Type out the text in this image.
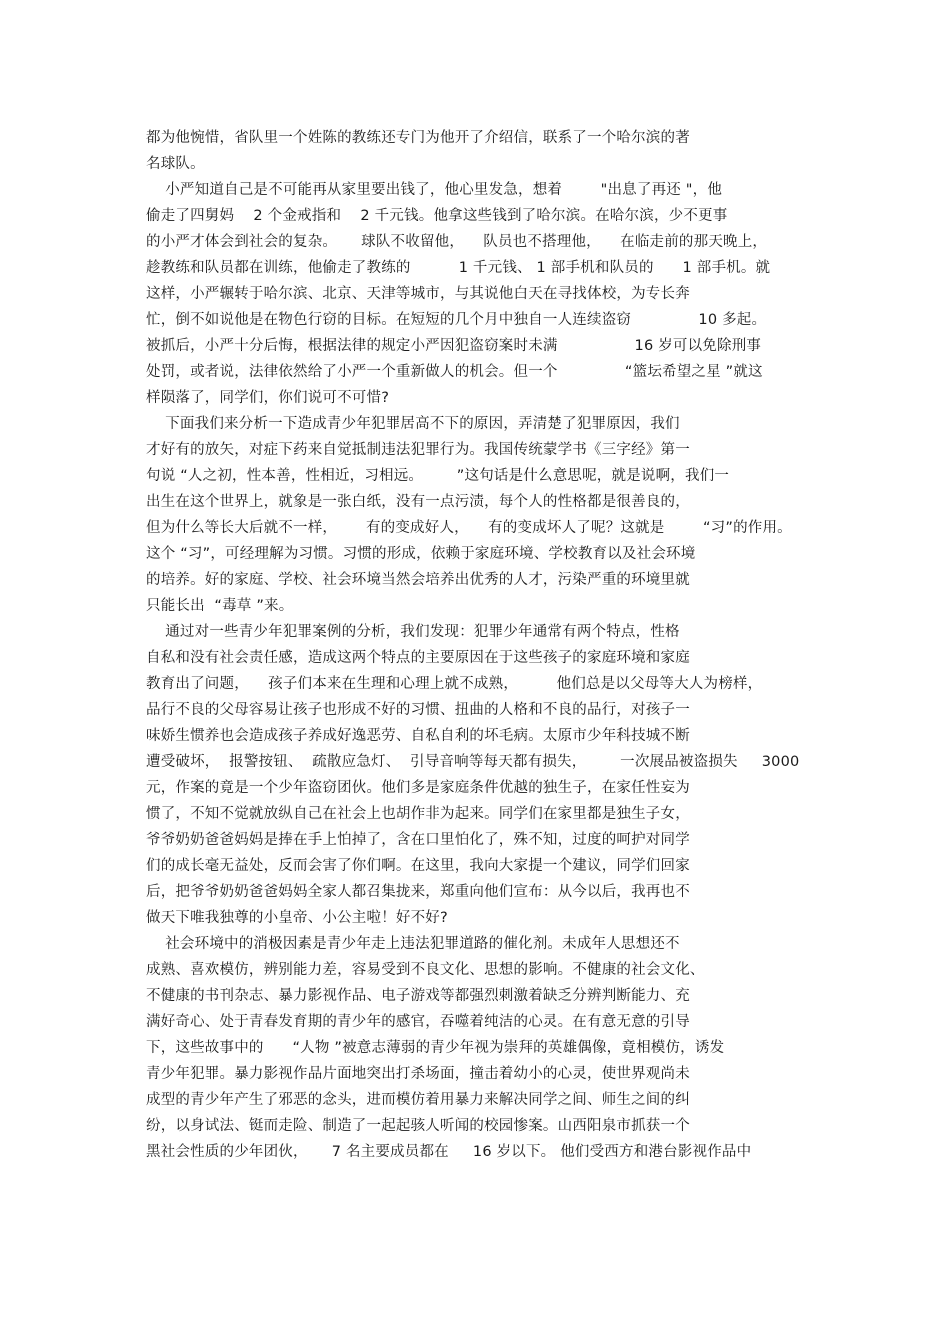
都为他惋惜，省队里一个姓陈的教练还专门为他开了介绍信，联系了一个哈尔滨的著
名球队。
小严知道自己是不可能再从家里要出钱了，他心里发急，想着        "出息了再还 "，他
偷走了四舅妈    2 个金戒指和    2 千元钱。他拿这些钱到了哈尔滨。在哈尔滨，少不更事
的小严才体会到社会的复杂。     球队不收留他，    队员也不搭理他，    在临走前的那天晚上，
趁教练和队员都在训练，他偷走了教练的          1 千元钱、 1 部手机和队员的      1 部手机。就
这样，小严辗转于哈尔滨、北京、天津等城市，与其说他白天在寻找体校，为专长奔
忙，倒不如说他是在物色行窃的目标。在短短的几个月中独自一人连续盗窃              10 多起。
被抓后，小严十分后悔，根据法律的规定小严因犯盗窃案时未满                16 岁可以免除刑事
处罚，或者说，法律依然给了小严一个重新做人的机会。但一个              “篮坛希望之星 ”就这
样陨落了，同学们，你们说可不可惜?
下面我们来分析一下造成青少年犯罪居高不下的原因，弄清楚了犯罪原因，我们
才好有的放矢，对症下药来自觉抵制违法犯罪行为。我国传统蒙学书《三字经》第一
句说 “人之初，性本善，性相近，习相远。       ”这句话是什么意思呢，就是说啊，我们一
出生在这个世界上，就象是一张白纸，没有一点污渍，每个人的性格都是很善良的，
但为什么等长大后就不一样，      有的变成好人，    有的变成坏人了呢？这就是        “习”的作用。
这个 “习”，可经理解为习惯。习惯的形成，依赖于家庭环境、学校教育以及社会环境
的培养。好的家庭、学校、社会环境当然会培养出优秀的人才，污染严重的环境里就
只能长出  “毒草 ”来。
通过对一些青少年犯罪案例的分析，我们发现：犯罪少年通常有两个特点，性格
自私和没有社会责任感，造成这两个特点的主要原因在于这些孩子的家庭环境和家庭
教育出了问题，    孩子们本来在生理和心理上就不成熟，        他们总是以父母等大人为榜样，
品行不良的父母容易让孩子也形成不好的习惯、扭曲的人格和不良的品行，对孩子一
味娇生惯养也会造成孩子养成好逸恶劳、自私自利的坏毛病。太原市少年科技城不断
遭受破坏，  报警按钮、  疏散应急灯、  引导音响等每天都有损失，       一次展品被盗损失     3000
元，作案的竟是一个少年盗窃团伙。他们多是家庭条件优越的独生子，在家任性妄为
惯了，不知不觉就放纵自己在社会上也胡作非为起来。同学们在家里都是独生子女，
爷爷奶奶爸爸妈妈是捧在手上怕掉了，含在口里怕化了，殊不知，过度的呵护对同学
们的成长毫无益处，反而会害了你们啊。在这里，我向大家提一个建议，同学们回家
后，把爷爷奶奶爸爸妈妈全家人都召集拢来，郑重向他们宣布：从今以后，我再也不
做天下唯我独尊的小皇帝、小公主啦！好不好?
社会环境中的消极因素是青少年走上违法犯罪道路的催化剂。未成年人思想还不
成熟、喜欢模仿，辨别能力差，容易受到不良文化、思想的影响。不健康的社会文化、
不健康的书刊杂志、暴力影视作品、电子游戏等都强烈刺激着缺乏分辨判断能力、充
满好奇心、处于青春发育期的青少年的感官，吞噬着纯洁的心灵。在有意无意的引导
下，这些故事中的      “人物 ”被意志薄弱的青少年视为崇拜的英雄偶像，竟相模仿，诱发
青少年犯罪。暴力影视作品片面地突出打杀场面，撞击着幼小的心灵，使世界观尚未
成型的青少年产生了邪恶的念头，进而模仿着用暴力来解决同学之间、师生之间的纠
纷，以身试法、铤而走险、制造了一起起骇人听闻的校园惨案。山西阳泉市抓获一个
黑社会性质的少年团伙，     7 名主要成员都在     16 岁以下。 他们受西方和港台影视作品中
